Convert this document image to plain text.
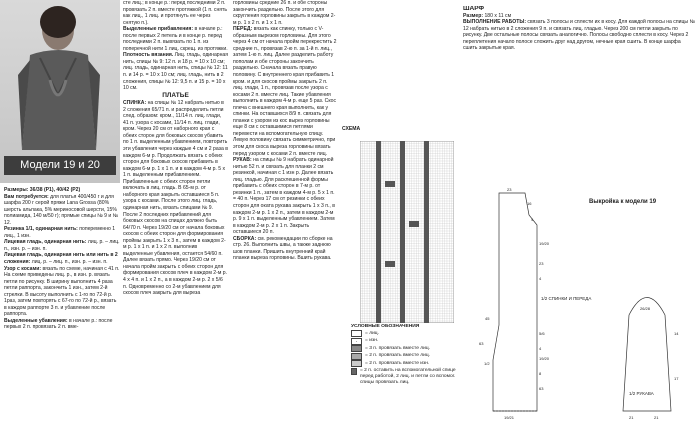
Модели 19 и 20

Размеры: 36/38 (Р1), 40/42 (Р2)

Вам потребуется: для платья 400/450 г и для шарфа 200 г серой пряжи Lana Grossa (80% шерсть альпака, 5% мериносовой шерсти, 15% полиамида, 140 м/50 г); прямые спицы № 9 и № 12.

Резинка 1/1, одинарная нить: попеременно 1 лиц., 1 изн.

Лицевая гладь, одинарная нить: лиц. р. – лиц. п., изн. р. – изн. п.

Лицевая гладь, одинарная нить или нить в 2 сложения: лиц. р. – лиц. п., изн. р. – изн. п.

Узор с косами: вязать по схеме, начиная с 41 п. На схеме приведены лиц. р., в изн. р. вязать петли по рисунку. В ширину выполнить 4 раза петли раппорта, закончить 1 изн., затем 2-й стрелки. В высоту выполнить с 1-го по 72-й р. 1раз, затем повторять с 67-го по 72-й р., вязать в каждом раппорте 3 п. и убавление после раппорта.

Выделенные убавления: в начале р.: после первых 2 п. провязать 2 п. вме-

сте лиц.; в конце р.: перед последними 2 п. провязать 2 п. вместе протяжкой (1 п. снять как лиц., 1 лиц. и протянуть ее через снятую п.).

Выделенные прибавления: в начале р.: после первых 2 петель и в конце р. перед последними 2 п. вывязать по 1 п. из поперечной нити 1 лиц. скрещ. из протяжки.

Плотность вязания. Лиц. гладь, одинарная нить, спицы № 9: 12 п. и 18 р. = 10 х 10 см; лиц. гладь, одинарная нить, спицы № 12: 11 п. и 14 р. = 10 х 10 см; лиц. гладь, нить в 2 сложения, спицы № 12: 9,5 п. и 15 р. = 10 х 10 см.

ПЛАТЬЕ

СПИНКА: на спицы № 12 набрать нитью в 2 сложения 65/71 п. и распределить петли след. образом: кром., 11/14 п. лиц. глади, 41 п. узора с косами, 11/14 п. лиц. глади, кром. Через 20 см от наборного края с обеих сторон для боковых скосов убавить по 1 п. выделенным убавлением, повторить эти убавления через каждые 4 см и 2 раза в каждом 6-м р. Продолжать вязать с обеих сторон для боковых скосов прибавить в каждом 6-м р. 1 х 1 п. и в каждом 4-м р. 5 х 1 п. выделенным прибавлением. Прибавленные с обеих сторон петли включать в лиц. гладь. В 65-м р. от наборного края закрыть оставшиеся 5 п. узора с косами. После этого лиц. гладь, одинарная нить, вязать спицами № 9. После 2 последних прибавлений для боковых скосов на спицах должно быть 64/70 п. Через 19/20 см от начала боковых скосов с обеих сторон для формирования проймы закрыть 1 х 3 п., затем в каждом 2-м р. 1 х 1 п. и 1 х 2 п. выполнив выделенные убавления, остается 54/60 п. Далее вязать прямо. Через 19/20 см от начала пройм закрыть с обеих сторон для формирования скосов плеч в каждом 2-м р. 4 х 4 п. и 1 х 2 п., а в каждом 2-м р. 2 х 5/6 п. Одновременно со 2-м убавлением для скосов плеч закрыть для выреза

горловины средние 26 п. и обе стороны закончить раздельно. После этого для скругления горловины закрыть в каждом 2-м р. 1 х 2 п. и 1 х 1 п.

ПЕРЕД: вязать как спинку, только с V-образным вырезом горловины. Для этого через 4 см от начала пройм перекрестить 2 средние п., провязав 2-ю п. за 1-й п. лиц., затем 1-ю п. лиц. Далее разделить работу пополам и обе стороны закончить раздельно. Сначала вязать правую половину. С внутреннего края прибавить 1 кром. и для скосов проймы закрыть 2 п. лиц. глади, 1 п., провязав после узора с косами 2 п. вместе лиц. Такие убавления выполнить в каждом 4-м р. еще 5 раз. Скос плеча с внешнего края выполнить, как у спинки. На оставшихся 8/9 п. связать для планки с узором из кос вырез горловины еще 8 см с оставшимися петлями перевести на вспомогательную спицу. Левую половину связать симметрично, при этом для скоса выреза горловины вязать перед узором с косами 2 п. вместе лиц.

РУКАВ: на спицы № 9 набрать одинарной нитью 52 п. и связать для планки 2 см резинкой, начиная с 1 изн р. Далее вязать лиц. гладью. Для расклешенной формы прибавить с обеих сторон в 7-м р. от резинки 1 п., затем в каждом 4-м р. 5 х 1 п. = 40 п. Через 17 см от резинки с обеих сторон для оката рукава закрыть 1 х 3 п., в каждом 2-м р. 1 х 2 п., затем в каждом 2-м р. 9 х 1 п. выделенным убавлением. Затем в каждом 2-м р. 2 х 1 п. Закрыть оставшиеся 20 п.

СБОРКА: см. рекомендации по сборке на стр. 26. Выполнить швы, а также заднюю шов планки. Пришить внутренний край планки выреза горловины. Вшить рукава.

ШАРФ

Размер: 180 х 11 см

ВЫПОЛНЕНИЕ РАБОТЫ: связать 3 полосы и сплести их в косу. Для каждой полосы на спицы № 12 набрать нитью в 2 сложения 9 п. и связать лиц. гладью. Через 200 см петли закрыть по рисунку. Две остальные полосы связать аналогично. Полосы свободно сплести в косу. Через 2 переплетения начало полосе сложить друг над другом, нечные края сшить. В конце шарфа сшить закрытые края.

СХЕМА
УСЛОВНЫЕ ОБОЗНАЧЕНИЯ
= лиц.
-	= изн.
= 3 п. провязать вместе лиц.
= 2 п. провязать вместе лиц.
= 2 п. провязать вместе изн.
= 2 п. оставить на вспомогательной спице перед работой, 2 лиц. и петли со вспомог. спицы провязать лиц.
Выкройка к модели 19
1/2 СПИНКИ И ПЕРЕДА
1/2 РУКАВА
23
16
4
19/20
45
63
8
63
1/2
23
4
5/6
4
19/20
19/21
14
17
21	21
26/28
